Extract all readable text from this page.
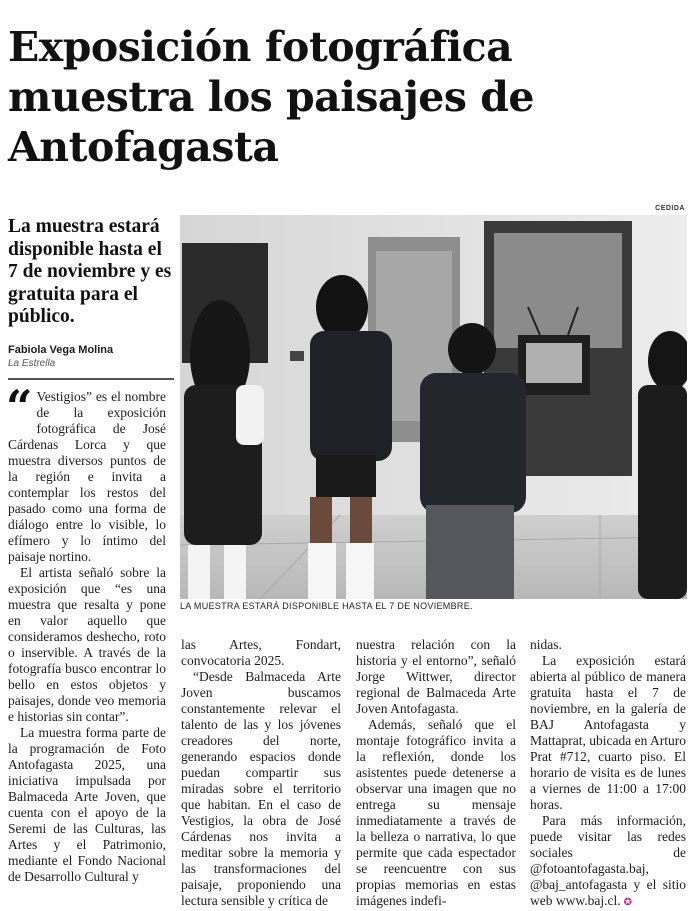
Exposición fotográfica muestra los paisajes de Antofagasta

La muestra estará disponible hasta el 7 de noviembre y es gratuita para el público.

Fabiola Vega Molina
La Estrella
CEDIDA
LA MUESTRA ESTARÁ DISPONIBLE HASTA EL 7 DE NOVIEMBRE.

“ Vestigios” es el nombre de la exposición fotográfica de José Cárdenas Lorca y que muestra diversos puntos de la región e invita a contemplar los restos del pasado como una forma de diálogo entre lo visible, lo efímero y lo íntimo del paisaje nortino.

El artista señaló sobre la exposición que “es una muestra que resalta y pone en valor aquello que consideramos deshecho, roto o inservible. A través de la fotografía busco encontrar lo bello en estos objetos y paisajes, donde veo memoria e historias sin contar”.

La muestra forma parte de la programación de Foto Antofagasta 2025, una iniciativa impulsada por Balmaceda Arte Joven, que cuenta con el apoyo de la Seremi de las Culturas, las Artes y el Patrimonio, mediante el Fondo Nacional de Desarrollo Cultural y

las Artes, Fondart, convocatoria 2025.

“Desde Balmaceda Arte Joven buscamos constantemente relevar el talento de las y los jóvenes creadores del norte, generando espacios donde puedan compartir sus miradas sobre el territorio que habitan. En el caso de Vestigios, la obra de José Cárdenas nos invita a meditar sobre la memoria y las transformaciones del paisaje, proponiendo una lectura sensible y crítica de

nuestra relación con la historia y el entorno”, señaló Jorge Wittwer, director regional de Balmaceda Arte Joven Antofagasta.

Además, señaló que el montaje fotográfico invita a la reflexión, donde los asistentes puede detenerse a observar una imagen que no entrega su mensaje inmediatamente a través de la belleza o narrativa, lo que permite que cada espectador se reencuentre con sus propias memorias en estas imágenes indefi-

nidas.

La exposición estará abierta al público de manera gratuita hasta el 7 de noviembre, en la galería de BAJ Antofagasta y Mattaprat, ubicada en Arturo Prat #712, cuarto piso. El horario de visita es de lunes a viernes de 11:00 a 17:00 horas.

Para más información, puede visitar las redes sociales de @fotoantofagasta.baj, @baj_antofagasta y el sitio web www.baj.cl. ✪
